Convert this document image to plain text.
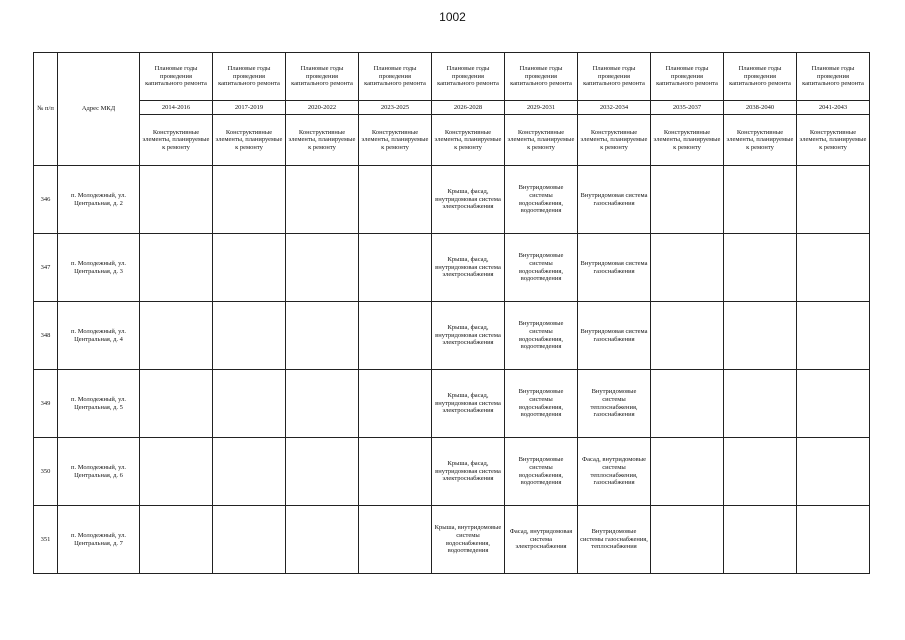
1002
№ п/п	Адрес МКД	Плановые годы проведения капитального ремонта	Плановые годы проведения капитального ремонта	Плановые годы проведения капитального ремонта	Плановые годы проведения капитального ремонта	Плановые годы проведения капитального ремонта	Плановые годы проведения капитального ремонта	Плановые годы проведения капитального ремонта	Плановые годы проведения капитального ремонта	Плановые годы проведения капитального ремонта	Плановые годы проведения капитального ремонта
		2014-2016	2017-2019	2020-2022	2023-2025	2026-2028	2029-2031	2032-2034	2035-2037	2038-2040	2041-2043
		Конструктивные элементы, планируемые к ремонту	Конструктивные элементы, планируемые к ремонту	Конструктивные элементы, планируемые к ремонту	Конструктивные элементы, планируемые к ремонту	Конструктивные элементы, планируемые к ремонту	Конструктивные элементы, планируемые к ремонту	Конструктивные элементы, планируемые к ремонту	Конструктивные элементы, планируемые к ремонту	Конструктивные элементы, планируемые к ремонту	Конструктивные элементы, планируемые к ремонту
346	п. Молодежный, ул. Центральная, д. 2					Крыша, фасад, внутридомовая система электроснабжения	Внутридомовые системы водоснабжения, водоотведения	Внутридомовая система газоснабжения			
347	п. Молодежный, ул. Центральная, д. 3					Крыша, фасад, внутридомовая система электроснабжения	Внутридомовые системы водоснабжения, водоотведения	Внутридомовая система газоснабжения			
348	п. Молодежный, ул. Центральная, д. 4					Крыша, фасад, внутридомовая система электроснабжения	Внутридомовые системы водоснабжения, водоотведения	Внутридомовая система газоснабжения			
349	п. Молодежный, ул. Центральная, д. 5					Крыша, фасад, внутридомовая система электроснабжения	Внутридомовые системы водоснабжения, водоотведения	Внутридомовые системы теплоснабжения, газоснабжения			
350	п. Молодежный, ул. Центральная, д. 6					Крыша, фасад, внутридомовая система электроснабжения	Внутридомовые системы водоснабжения, водоотведения	Фасад, внутридомовые системы теплоснабжения, газоснабжения			
351	п. Молодежный, ул. Центральная, д. 7					Крыша, внутридомовые системы водоснабжения, водоотведения	Фасад, внутридомовая система электроснабжения	Внутридомовые системы газоснабжения, теплоснабжения			
